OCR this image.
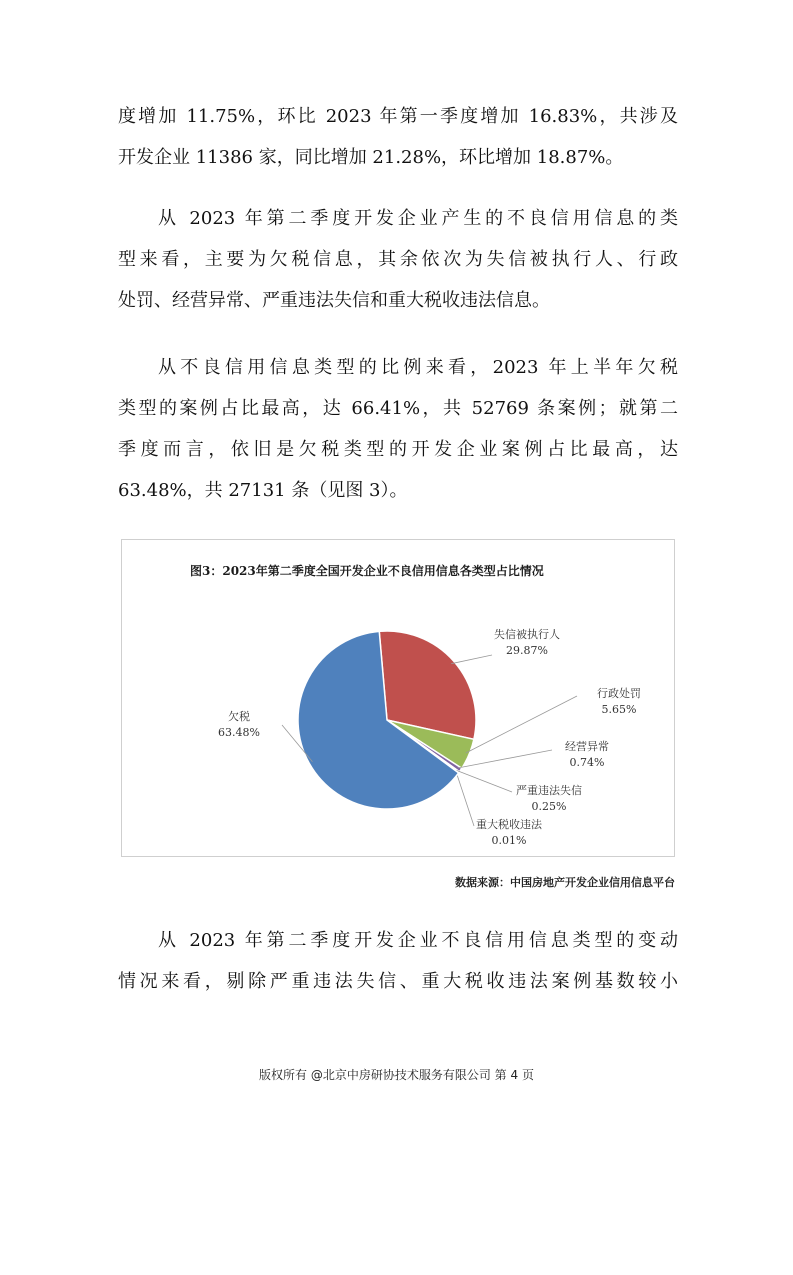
度增加 11.75%，环比 2023 年第一季度增加 16.83%，共涉及
开发企业 11386 家，同比增加 21.28%，环比增加 18.87%。
从 2023 年第二季度开发企业产生的不良信用信息的类
型来看，主要为欠税信息，其余依次为失信被执行人、行政
处罚、经营异常、严重违法失信和重大税收违法信息。
从不良信用信息类型的比例来看，2023 年上半年欠税
类型的案例占比最高，达 66.41%，共 52769 条案例；就第二
季度而言，依旧是欠税类型的开发企业案例占比最高，达
63.48%，共 27131 条（见图 3）。
图3：2023年第二季度全国开发企业不良信用信息各类型占比情况
失信被执行人
29.87%
行政处罚
5.65%
经营异常
0.74%
严重违法失信
0.25%
重大税收违法
0.01%
欠税
63.48%
信用房地产
数据来源：中国房地产开发企业信用信息平台
从 2023 年第二季度开发企业不良信用信息类型的变动
情况来看，剔除严重违法失信、重大税收违法案例基数较小
版权所有 @北京中房研协技术服务有限公司 第 4 页
